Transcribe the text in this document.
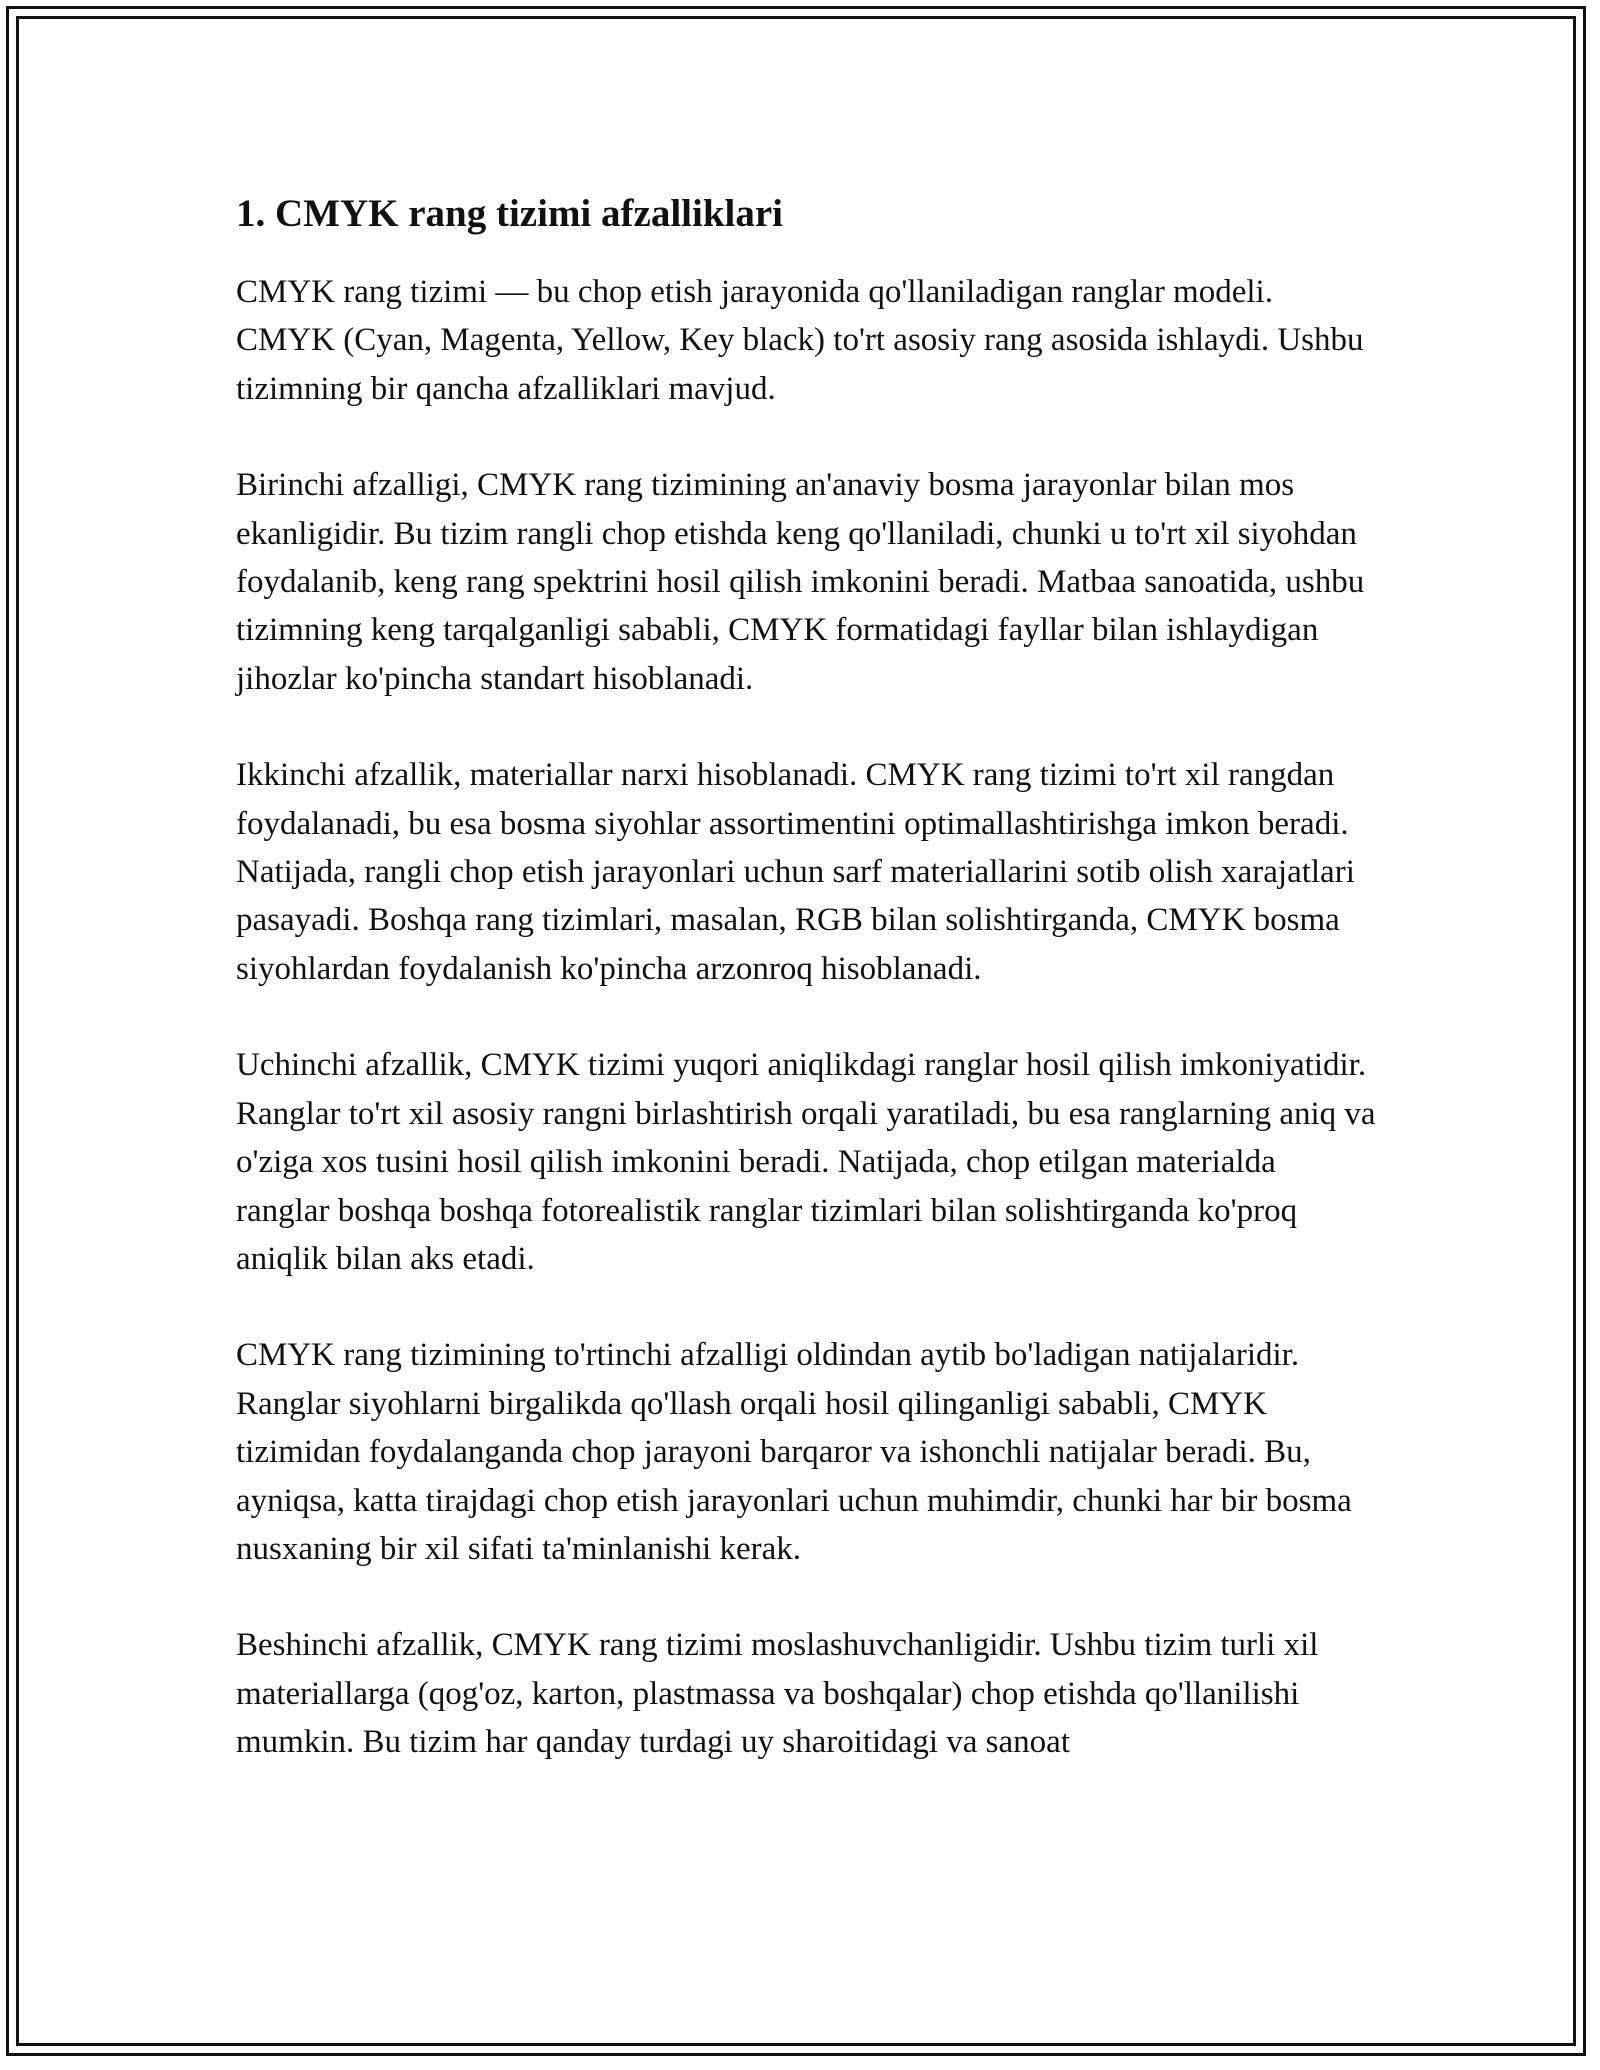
1. CMYK rang tizimi afzalliklari

CMYK rang tizimi — bu chop etish jarayonida qo'llaniladigan ranglar modeli. CMYK (Cyan, Magenta, Yellow, Key black) to'rt asosiy rang asosida ishlaydi. Ushbu tizimning bir qancha afzalliklari mavjud.

Birinchi afzalligi, CMYK rang tizimining an'anaviy bosma jarayonlar bilan mos ekanligidir. Bu tizim rangli chop etishda keng qo'llaniladi, chunki u to'rt xil siyohdan foydalanib, keng rang spektrini hosil qilish imkonini beradi. Matbaa sanoatida, ushbu tizimning keng tarqalganligi sababli, CMYK formatidagi fayllar bilan ishlaydigan jihozlar ko'pincha standart hisoblanadi.

Ikkinchi afzallik, materiallar narxi hisoblanadi. CMYK rang tizimi to'rt xil rangdan foydalanadi, bu esa bosma siyohlar assortimentini optimallashtirishga imkon beradi. Natijada, rangli chop etish jarayonlari uchun sarf materiallarini sotib olish xarajatlari pasayadi. Boshqa rang tizimlari, masalan, RGB bilan solishtirganda, CMYK bosma siyohlardan foydalanish ko'pincha arzonroq hisoblanadi.

Uchinchi afzallik, CMYK tizimi yuqori aniqlikdagi ranglar hosil qilish imkoniyatidir. Ranglar to'rt xil asosiy rangni birlashtirish orqali yaratiladi, bu esa ranglarning aniq va o'ziga xos tusini hosil qilish imkonini beradi. Natijada, chop etilgan materialda ranglar boshqa boshqa fotorealistik ranglar tizimlari bilan solishtirganda ko'proq aniqlik bilan aks etadi.

CMYK rang tizimining to'rtinchi afzalligi oldindan aytib bo'ladigan natijalaridir. Ranglar siyohlarni birgalikda qo'llash orqali hosil qilinganligi sababli, CMYK tizimidan foydalanganda chop jarayoni barqaror va ishonchli natijalar beradi. Bu, ayniqsa, katta tirajdagi chop etish jarayonlari uchun muhimdir, chunki har bir bosma nusxaning bir xil sifati ta'minlanishi kerak.

Beshinchi afzallik, CMYK rang tizimi moslashuvchanligidir. Ushbu tizim turli xil materiallarga (qog'oz, karton, plastmassa va boshqalar) chop etishda qo'llanilishi mumkin. Bu tizim har qanday turdagi uy sharoitidagi va sanoat
